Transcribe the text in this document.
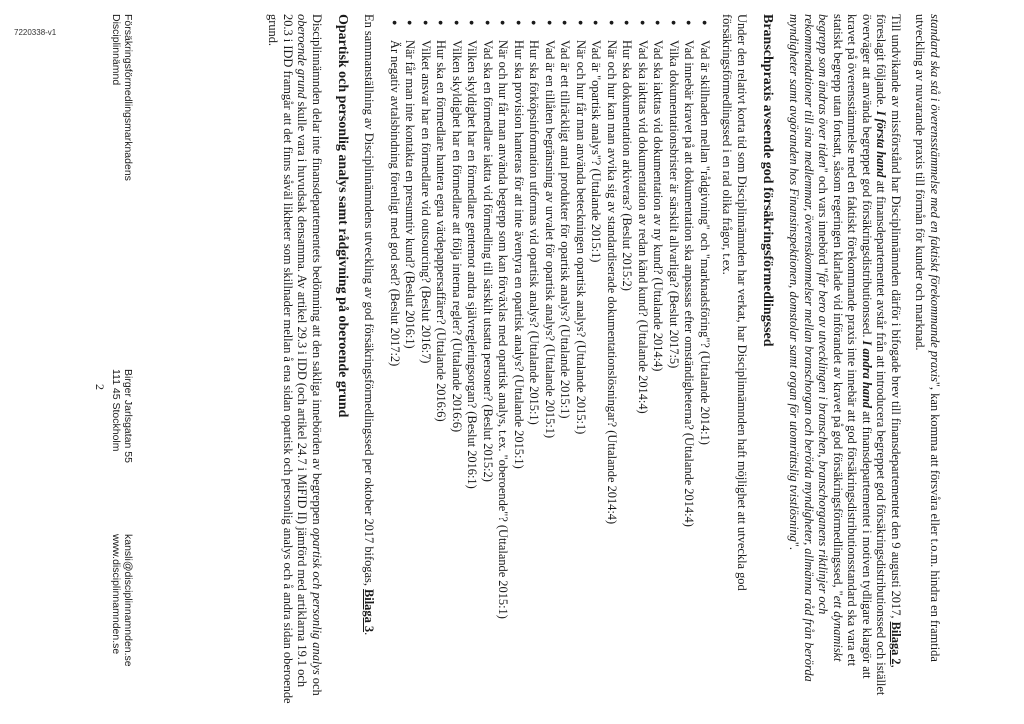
7220338-v1	standard ska stå i överensstämmelse med en faktiskt förekommande praxis", kan komma att försvåra eller t.o.m. hindra en framtida utveckling av nuvarande praxis till förmån för kunder och marknad.

Till undvikande av missförstånd har Disciplinnämnden därför i bifogade brev till finansdepartementet den 9 augusti 2017, Bilaga 2, föreslagit följande. I första hand att finansdepartementet avstår från att introducera begreppet god försäkringsdistributionssed och istället överväger att använda begreppet god försäkringsdistributionssed. I andra hand att finansdepartementet i motiven tydligare klargör att kravet på överensstämmelse med en faktiskt förekommande praxis inte innebär att god försäkringsdistributionsstandard ska vara ett statiskt begrepp utan fortsatt, såsom regeringen klarlade vid införandet av kravet på god försäkringsförmedlingssed, "ett dynamiskt begrepp som ändras över tiden" och vars innebörd "får bero av utvecklingen i branschen, branschorganens riktlinjer och rekommendationer till sina medlemmar, överenskommelser mellan branschorgan och berörda myndigheter, allmänna råd från berörda myndigheter samt avgöranden hos Finansinspektionen, domstolar samt organ för utomrättslig tvistlösning".

Branschpraxis avseende god försäkringsförmedlingssed

Under den relativt korta tid som Disciplinnämnden har verkat, har Disciplinnämnden haft möjlighet att utveckla god försäkringsförmedlingssed i en rad olika frågor, t.ex.

● Vad är skillnaden mellan "rådgivning" och "marknadsföring"? (Uttalande 2014:1)
● Vad innebär kravet på att dokumentation ska anpassas efter omständigheterna? (Uttalande 2014:4)
● Vilka dokumentationsbrister är särskilt allvarliga? (Beslut 2017:5)
● Vad ska iakttas vid dokumentation av ny kund? (Uttalande 2014:4)
● Vad ska iakttas vid dokumentation av redan känd kund? (Uttalande 2014:4)
● Hur ska dokumentation arkiveras? (Beslut 2015:2)
● När och hur kan man avvika sig av standardiserade dokumentationslösningar? (Uttalande 2014:4)
● Vad är "opartisk analys"? (Uttalande 2015:1)
● När och hur får man använda beteckningen opartisk analys? (Uttalande 2015:1)
● Vad är ett tillräckligt antal produkter för opartisk analys? (Uttalande 2015:1)
● Vad är en tillåten begränsning av urvalet för opartisk analys? (Uttalande 2015:1)
● Hur ska förköpsinformation utformas vid opartisk analys? (Uttalande 2015:1)
● Hur ska provision hanteras för att inte äventyra en opartisk analys? (Uttalande 2015:1)
● När och hur får man använda begrepp som kan förväxlas med opartisk analys, t.ex. "oberoende"? (Uttalande 2015:1)
● Vad ska en förmedlare iaktta vid förmedling till särskilt utsatta personer? (Beslut 2015:2)
● Vilken skyldighet har en förmedlare gentemot andra självregleringsorgan? (Beslut 2016:1)
● Vilken skyldighet har en förmedlare att följa interna regler? (Uttalande 2016:6)
● Hur ska en förmedlare hantera egna värdepappersaffärer? (Uttalande 2016:6)
● Vilket ansvar har en förmedlare vid outsourcing? (Beslut 2016:7)
● När får man inte kontakta en presumtiv kund? (Beslut 2016:1)
● Är negativ avtalsbindning förenligt med god sed? (Beslut 2017:2)

En sammanställning av Disciplinnämndens utveckling av god försäkringsförmedlingssed per oktober 2017 bifogas, Bilaga 3.

Opartisk och personlig analys samt rådgivning på oberoende grund

Disciplinnämnden delar inte finansdepartementets bedömning att den sakliga innebörden av begreppen opartisk och personlig analys och oberoende grund skulle vara i huvudsak densamma. Av artikel 29.3 i IDD (och artikel 24.7 i MiFID II) jämförd med artiklarna 19.1 och 20.3 i IDD framgår att det finns såväl likheter som skillnader mellan å ena sidan opartisk och personlig analys och å andra sidan oberoende grund.

Försäkringsförmedlingsmarknadens
Disciplinnämnd
Birger Jarlsgatan 55
111 45 Stockholm
kansli@disciplinnamnden.se
www.disciplinnamnden.se
2
